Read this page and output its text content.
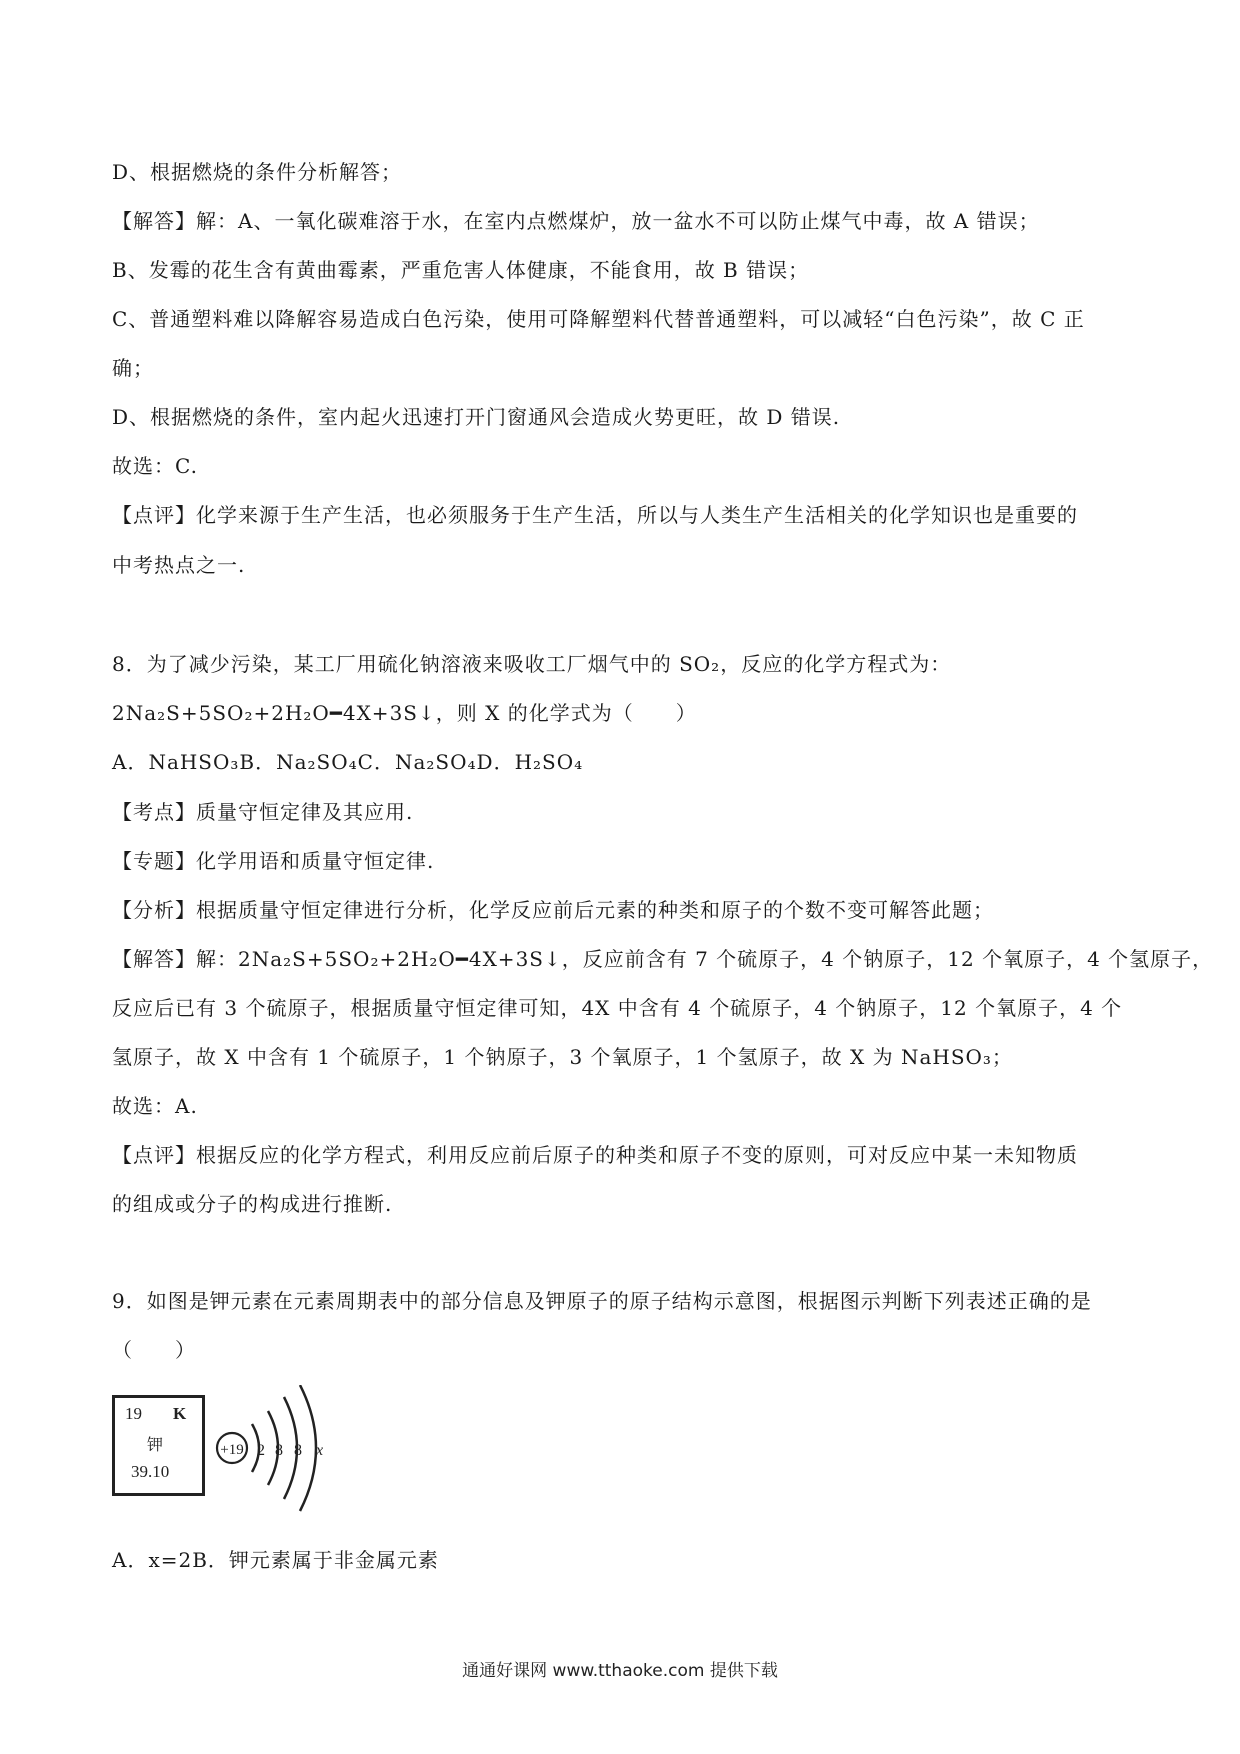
D、根据燃烧的条件分析解答；
【解答】解：A、一氧化碳难溶于水，在室内点燃煤炉，放一盆水不可以防止煤气中毒，故 A 错误；
B、发霉的花生含有黄曲霉素，严重危害人体健康，不能食用，故 B 错误；
C、普通塑料难以降解容易造成白色污染，使用可降解塑料代替普通塑料，可以减轻“白色污染”，故 C 正
确；
D、根据燃烧的条件，室内起火迅速打开门窗通风会造成火势更旺，故 D 错误.
故选：C.
【点评】化学来源于生产生活，也必须服务于生产生活，所以与人类生产生活相关的化学知识也是重要的
中考热点之一.
8．为了减少污染，某工厂用硫化钠溶液来吸收工厂烟气中的 SO₂，反应的化学方程式为：
2Na₂S+5SO₂+2H₂O━4X+3S↓，则 X 的化学式为（　　）
A．NaHSO₃B．Na₂SO₄C．Na₂SO₄D．H₂SO₄
【考点】质量守恒定律及其应用.
【专题】化学用语和质量守恒定律.
【分析】根据质量守恒定律进行分析，化学反应前后元素的种类和原子的个数不变可解答此题；
【解答】解：2Na₂S+5SO₂+2H₂O━4X+3S↓，反应前含有 7 个硫原子，4 个钠原子，12 个氧原子，4 个氢原子，
反应后已有 3 个硫原子，根据质量守恒定律可知，4X 中含有 4 个硫原子，4 个钠原子，12 个氧原子，4 个
氢原子，故 X 中含有 1 个硫原子，1 个钠原子，3 个氧原子，1 个氢原子，故 X 为 NaHSO₃；
故选：A.
【点评】根据反应的化学方程式，利用反应前后原子的种类和原子不变的原则，可对反应中某一未知物质
的组成或分子的构成进行推断.
9．如图是钾元素在元素周期表中的部分信息及钾原子的原子结构示意图，根据图示判断下列表述正确的是
（　　）
19 K
钾
39.10
+19 2 8 8 x
A．x=2B．钾元素属于非金属元素
通通好课网 www.tthaoke.com 提供下载
